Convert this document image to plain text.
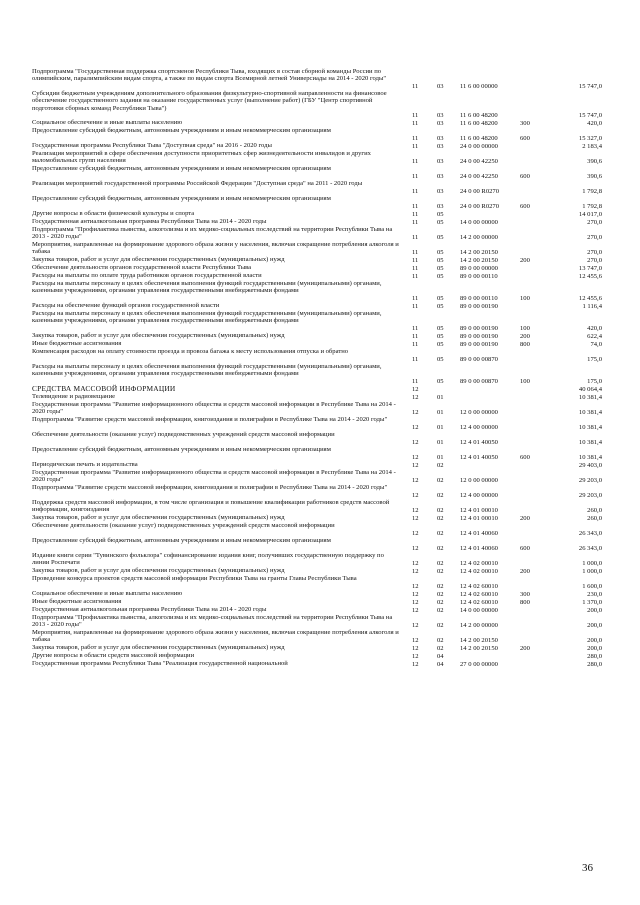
Подпрограмма "Государственная поддержка спортсменов Республики Тыва, входящих в состав сборной команды России по олимпийским, паралимпийским видам спорта, а также по видам спорта Всемирной летней Универсиады на 2014 - 2020 годы"
11	03 11 6 00 00000	15 747,0
Субсидии бюджетным учреждениям дополнительного образования физкультурно-спортивной направленности на финансовое обеспечение государственного задания на оказание государственных услуг (выполнение работ) (ГБУ "Центр спортивной подготовки сборных команд Республики Тыва")
11	03 11 6 00 48200	15 747,0
Социальное обеспечение и иные выплаты населению	11	03 11 6 00 48200	300	420,0
Предоставление субсидий бюджетным, автономным учреждениям и иным некоммерческим организациям
11	03 11 6 00 48200	600	15 327,0
Государственная программа Республики Тыва "Доступная среда" на 2016 - 2020 годы	11	03 24 0 00 00000	2 183,4
Реализация мероприятий в сфере обеспечения доступности приоритетных сфер жизнедеятельности инвалидов и других маломобильных групп населения	11	03 24 0 00 42250	390,6
Предоставление субсидий бюджетным, автономным учреждениям и иным некоммерческим организациям
11	03 24 0 00 42250	600	390,6
Реализация мероприятий государственной программы Российской Федерации "Доступная среда" на 2011 - 2020 годы
11	03 24 0 00 R0270	1 792,8
Предоставление субсидий бюджетным, автономным учреждениям и иным некоммерческим организациям
11	03 24 0 00 R0270	600	1 792,8
Другие вопросы в области физической культуры и спорта	11	05	14 017,0
Государственная антиалкогольная программа Республики Тыва на 2014 - 2020 годы	11	05 14 0 00 00000	270,0
Подпрограмма "Профилактика пьянства, алкоголизма и их медико-социальных последствий на территории Республики Тыва на 2013 - 2020 годы"	11	05 14 2 00 00000	270,0
Мероприятия, направленные на формирование здорового образа жизни у населения, включая сокращение потребления алкоголя и табака	11	05 14 2 00 20150	270,0
Закупка товаров, работ и услуг для обеспечения государственных (муниципальных) нужд	11	05 14 2 00 20150	200	270,0
Обеспечение деятельности органов государственной власти Республики Тыва	11	05 89 0 00 00000	13 747,0
Расходы на выплаты по оплате труда работников органов государственной власти	11	05 89 0 00 00110	12 455,6
Расходы на выплаты персоналу в целях обеспечения выполнения функций государственными (муниципальными) органами, казенными учреждениями, органами управления государственными внебюджетными фондами
11	05 89 0 00 00110	100	12 455,6
Расходы на обеспечение функций органов государственной власти	11	05 89 0 00 00190	1 116,4
Расходы на выплаты персоналу в целях обеспечения выполнения функций государственными (муниципальными) органами, казенными учреждениями, органами управления государственными внебюджетными фондами
11	05 89 0 00 00190	100	420,0
Закупка товаров, работ и услуг для обеспечения государственных (муниципальных) нужд	11	05 89 0 00 00190	200	622,4
Иные бюджетные ассигнования	11	05 89 0 00 00190	800	74,0
Компенсация расходов на оплату стоимости проезда и провоза багажа к месту использования отпуска и обратно
11	05 89 0 00 00870	175,0
Расходы на выплаты персоналу в целях обеспечения выполнения функций государственными (муниципальными) органами, казенными учреждениями, органами управления государственными внебюджетными фондами
11	05 89 0 00 00870	100	175,0
СРЕДСТВА МАССОВОЙ ИНФОРМАЦИИ	12	40 064,4
Телевидение и радиовещание	12	01	10 381,4
Государственная программа "Развитие информационного общества и средств массовой информации в Республике Тыва на 2014 - 2020 годы"	12	01 12 0 00 00000	10 381,4
Подпрограмма "Развитие средств массовой информации, книгоиздания и полиграфии в Республике Тыва на 2014 - 2020 годы"
12	01 12 4 00 00000	10 381,4
Обеспечение деятельности (оказание услуг) подведомственных учреждений средств массовой информации
12	01 12 4 01 40050	10 381,4
Предоставление субсидий бюджетным, автономным учреждениям и иным некоммерческим организациям
12	01 12 4 01 40050	600	10 381,4
Периодическая печать и издательства	12	02	29 403,0
Государственная программа "Развитие информационного общества и средств массовой информации в Республике Тыва на 2014 - 2020 годы"	12	02 12 0 00 00000	29 203,0
Подпрограмма "Развитие средств массовой информации, книгоиздания и полиграфии в Республике Тыва на 2014 - 2020 годы"
12	02 12 4 00 00000	29 203,0
Поддержка средств массовой информации, в том числе организация и повышение квалификации работников средств массовой информации, книгоиздания	12	02 12 4 01 00010	260,0
Закупка товаров, работ и услуг для обеспечения государственных (муниципальных) нужд	12	02 12 4 01 00010	200	260,0
Обеспечение деятельности (оказание услуг) подведомственных учреждений средств массовой информации
12	02 12 4 01 40060	26 343,0
Предоставление субсидий бюджетным, автономным учреждениям и иным некоммерческим организациям
12	02 12 4 01 40060	600	26 343,0
Издание книги серии "Тувинского фольклора" софинансирование издания книг, получивших государственную поддержку по линии Роспечати	12	02 12 4 02 00010	1 000,0
Закупка товаров, работ и услуг для обеспечения государственных (муниципальных) нужд	12	02 12 4 02 00010	200	1 000,0
Проведение конкурса проектов средств массовой информации Республики Тыва на гранты Главы Республики Тыва
12	02 12 4 02 60010	1 600,0
Социальное обеспечение и иные выплаты населению	12	02 12 4 02 60010	300	230,0
Иные бюджетные ассигнования	12	02 12 4 02 60010	800	1 370,0
Государственная антиалкогольная программа Республики Тыва на 2014 - 2020 годы	12	02 14 0 00 00000	200,0
Подпрограмма "Профилактика пьянства, алкоголизма и их медико-социальных последствий на территории Республики Тыва на 2013 - 2020 годы"	12	02 14 2 00 00000	200,0
Мероприятия, направленные на формирование здорового образа жизни у населения, включая сокращение потребления алкоголя и табака	12	02 14 2 00 20150	200,0
Закупка товаров, работ и услуг для обеспечения государственных (муниципальных) нужд	12	02 14 2 00 20150	200	200,0
Другие вопросы в области средств массовой информации	12	04	280,0
Государственная программа Республики Тыва "Реализация государственной национальной	12	04 27 0 00 00000	280,0
36
